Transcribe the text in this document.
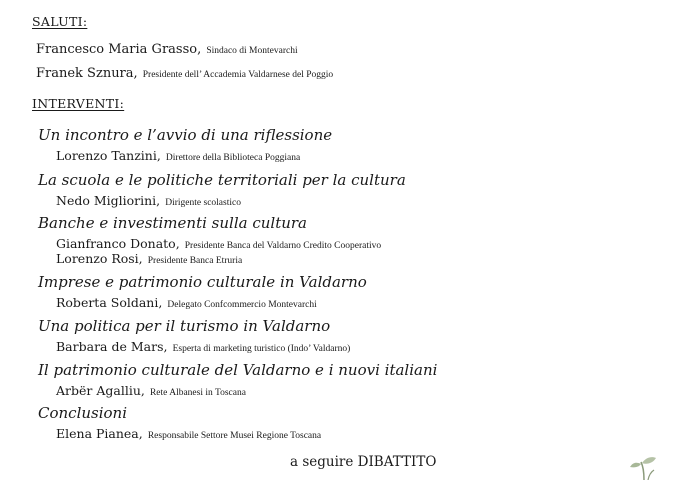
SALUTI:
Francesco Maria Grasso, Sindaco di Montevarchi
Franek Sznura, Presidente dell’ Accademia Valdarnese del Poggio
INTERVENTI:
Un incontro e l’avvio di una riflessione
Lorenzo Tanzini, Direttore della Biblioteca Poggiana
La scuola e le politiche territoriali per la cultura
Nedo Migliorini, Dirigente scolastico
Banche e investimenti sulla cultura
Gianfranco Donato, Presidente Banca del Valdarno Credito Cooperativo
Lorenzo Rosi, Presidente Banca Etruria
Imprese e patrimonio culturale in Valdarno
Roberta Soldani, Delegato Confcommercio Montevarchi
Una politica per il turismo in Valdarno
Barbara de Mars, Esperta di marketing turistico (Indo’ Valdarno)
Il patrimonio culturale del Valdarno e i nuovi italiani
Arbër Agalliu, Rete Albanesi in Toscana
Conclusioni
Elena Pianea, Responsabile Settore Musei Regione Toscana
a seguire DIBATTITO
